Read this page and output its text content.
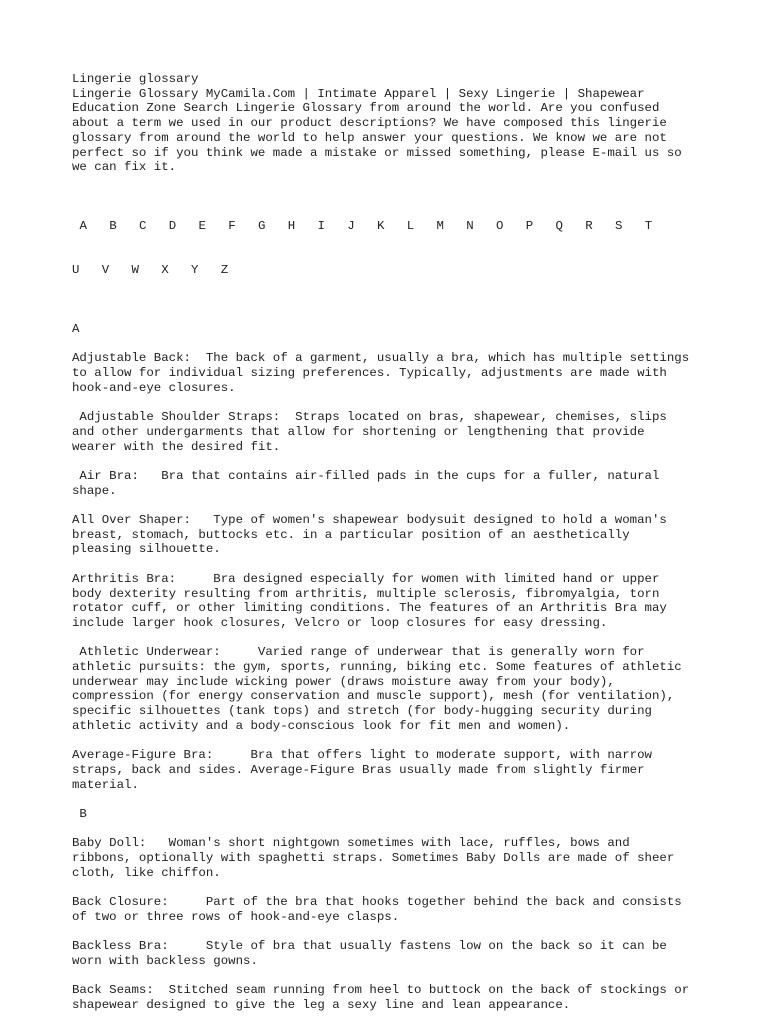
Lingerie glossary
Lingerie Glossary MyCamila.Com | Intimate Apparel | Sexy Lingerie | Shapewear
Education Zone Search Lingerie Glossary from around the world. Are you confused
about a term we used in our product descriptions? We have composed this lingerie
glossary from around the world to help answer your questions. We know we are not
perfect so if you think we made a mistake or missed something, please E-mail us so
we can fix it.

A B C D E F G H I J K L M N O P Q R S T

U V W X Y Z

A
Adjustable Back:  The back of a garment, usually a bra, which has multiple settings
to allow for individual sizing preferences. Typically, adjustments are made with
hook-and-eye closures.
Adjustable Shoulder Straps:  Straps located on bras, shapewear, chemises, slips
and other undergarments that allow for shortening or lengthening that provide
wearer with the desired fit.
Air Bra:   Bra that contains air-filled pads in the cups for a fuller, natural
shape.
All Over Shaper:   Type of women's shapewear bodysuit designed to hold a woman's
breast, stomach, buttocks etc. in a particular position of an aesthetically
pleasing silhouette.
Arthritis Bra:     Bra designed especially for women with limited hand or upper
body dexterity resulting from arthritis, multiple sclerosis, fibromyalgia, torn
rotator cuff, or other limiting conditions. The features of an Arthritis Bra may
include larger hook closures, Velcro or loop closures for easy dressing.
Athletic Underwear:     Varied range of underwear that is generally worn for
athletic pursuits: the gym, sports, running, biking etc. Some features of athletic
underwear may include wicking power (draws moisture away from your body),
compression (for energy conservation and muscle support), mesh (for ventilation),
specific silhouettes (tank tops) and stretch (for body-hugging security during
athletic activity and a body-conscious look for fit men and women).
Average-Figure Bra:     Bra that offers light to moderate support, with narrow
straps, back and sides. Average-Figure Bras usually made from slightly firmer
material.
B
Baby Doll:   Woman's short nightgown sometimes with lace, ruffles, bows and
ribbons, optionally with spaghetti straps. Sometimes Baby Dolls are made of sheer
cloth, like chiffon.
Back Closure:     Part of the bra that hooks together behind the back and consists
of two or three rows of hook-and-eye clasps.
Backless Bra:     Style of bra that usually fastens low on the back so it can be
worn with backless gowns.
Back Seams:  Stitched seam running from heel to buttock on the back of stockings or
shapewear designed to give the leg a sexy line and lean appearance.
